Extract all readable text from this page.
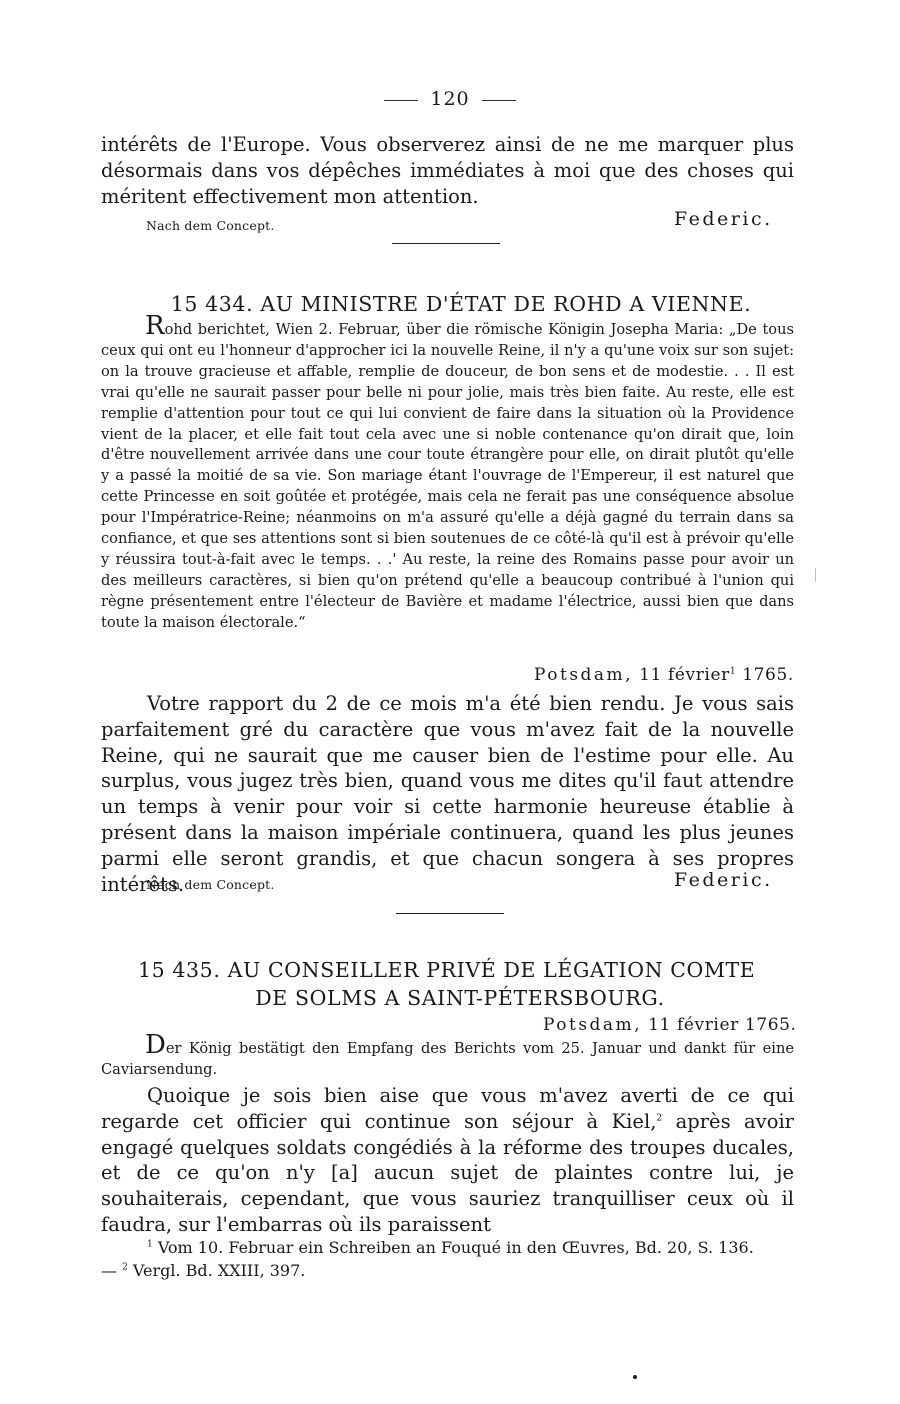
120
intérêts de l'Europe. Vous observerez ainsi de ne me marquer plus désormais dans vos dépêches immédiates à moi que des choses qui méritent effectivement mon attention.
Nach dem Concept.	Federic.
15 434. AU MINISTRE D'ÉTAT DE ROHD A VIENNE.
Rohd berichtet, Wien 2. Februar, über die römische Königin Josepha Maria: „De tous ceux qui ont eu l'honneur d'approcher ici la nouvelle Reine, il n'y a qu'une voix sur son sujet: on la trouve gracieuse et affable, remplie de douceur, de bon sens et de modestie. . . Il est vrai qu'elle ne saurait passer pour belle ni pour jolie, mais très bien faite. Au reste, elle est remplie d'attention pour tout ce qui lui convient de faire dans la situation où la Providence vient de la placer, et elle fait tout cela avec une si noble contenance qu'on dirait que, loin d'être nouvellement arrivée dans une cour toute étrangère pour elle, on dirait plutôt qu'elle y a passé la moitié de sa vie. Son mariage étant l'ouvrage de l'Empereur, il est naturel que cette Princesse en soit goûtée et protégée, mais cela ne ferait pas une conséquence absolue pour l'Impératrice-Reine; néanmoins on m'a assuré qu'elle a déjà gagné du terrain dans sa confiance, et que ses attentions sont si bien soutenues de ce côté-là qu'il est à prévoir qu'elle y réussira tout-à-fait avec le temps. . .' Au reste, la reine des Romains passe pour avoir un des meilleurs caractères, si bien qu'on prétend qu'elle a beaucoup contribué à l'union qui règne présentement entre l'électeur de Bavière et madame l'électrice, aussi bien que dans toute la maison électorale.“
Potsdam, 11 février$^1$ 1765.
Votre rapport du 2 de ce mois m'a été bien rendu. Je vous sais parfaitement gré du caractère que vous m'avez fait de la nouvelle Reine, qui ne saurait que me causer bien de l'estime pour elle. Au surplus, vous jugez très bien, quand vous me dites qu'il faut attendre un temps à venir pour voir si cette harmonie heureuse établie à présent dans la maison impériale continuera, quand les plus jeunes parmi elle seront grandis, et que chacun songera à ses propres intérêts.
Nach dem Concept.	Federic.
15 435. AU CONSEILLER PRIVÉ DE LÉGATION COMTE
DE SOLMS A SAINT-PÉTERSBOURG.
Potsdam, 11 février 1765.
Der König bestätigt den Empfang des Berichts vom 25. Januar und dankt für eine Caviarsendung.
Quoique je sois bien aise que vous m'avez averti de ce qui regarde cet officier qui continue son séjour à Kiel,$^2$ après avoir engagé quelques soldats congédiés à la réforme des troupes ducales, et de ce qu'on n'y [a] aucun sujet de plaintes contre lui, je souhaiterais, cependant, que vous sauriez tranquilliser ceux où il faudra, sur l'embarras où ils paraissent
$^1$ Vom 10. Februar ein Schreiben an Fouqué in den Œuvres, Bd. 20, S. 136.
— $^2$ Vergl. Bd. XXIII, 397.
